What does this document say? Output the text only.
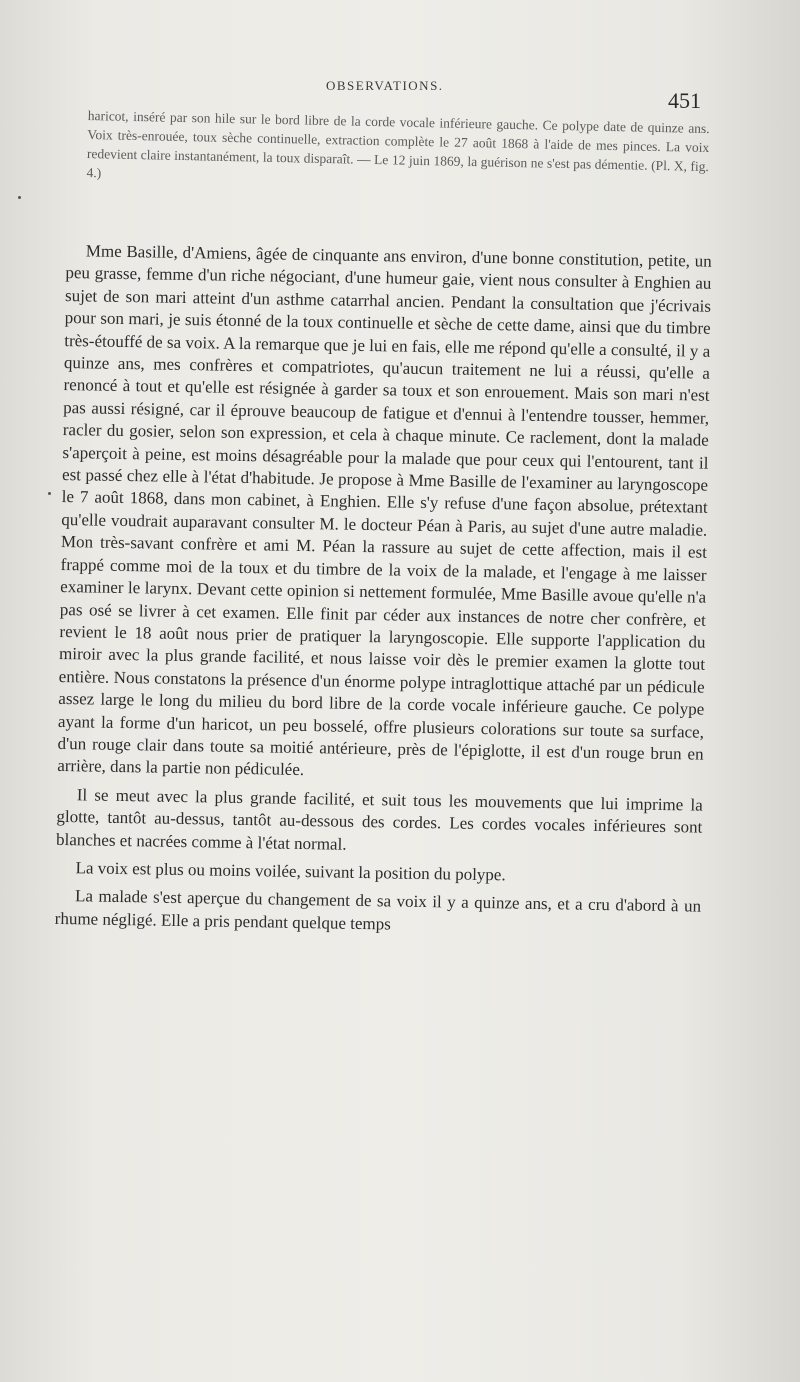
OBSERVATIONS.
451

haricot, inséré par son hile sur le bord libre de la corde vocale inférieure gauche. Ce polype date de quinze ans. Voix très-enrouée, toux sèche continuelle, extraction complète le 27 août 1868 à l'aide de mes pinces. La voix redevient claire instantanément, la toux disparaît. — Le 12 juin 1869, la guérison ne s'est pas démentie. (Pl. X, fig. 4.)

Mme Basille, d'Amiens, âgée de cinquante ans environ, d'une bonne constitution, petite, un peu grasse, femme d'un riche négociant, d'une humeur gaie, vient nous consulter à Enghien au sujet de son mari atteint d'un asthme catarrhal ancien. Pendant la consultation que j'écrivais pour son mari, je suis étonné de la toux continuelle et sèche de cette dame, ainsi que du timbre très-étouffé de sa voix. A la remarque que je lui en fais, elle me répond qu'elle a consulté, il y a quinze ans, mes confrères et compatriotes, qu'aucun traitement ne lui a réussi, qu'elle a renoncé à tout et qu'elle est résignée à garder sa toux et son enrouement. Mais son mari n'est pas aussi résigné, car il éprouve beaucoup de fatigue et d'ennui à l'entendre tousser, hemmer, racler du gosier, selon son expression, et cela à chaque minute. Ce raclement, dont la malade s'aperçoit à peine, est moins désagréable pour la malade que pour ceux qui l'entourent, tant il est passé chez elle à l'état d'habitude. Je propose à Mme Basille de l'examiner au laryngoscope le 7 août 1868, dans mon cabinet, à Enghien. Elle s'y refuse d'une façon absolue, prétextant qu'elle voudrait auparavant consulter M. le docteur Péan à Paris, au sujet d'une autre maladie. Mon très-savant confrère et ami M. Péan la rassure au sujet de cette affection, mais il est frappé comme moi de la toux et du timbre de la voix de la malade, et l'engage à me laisser examiner le larynx. Devant cette opinion si nettement formulée, Mme Basille avoue qu'elle n'a pas osé se livrer à cet examen. Elle finit par céder aux instances de notre cher confrère, et revient le 18 août nous prier de pratiquer la laryngoscopie. Elle supporte l'application du miroir avec la plus grande facilité, et nous laisse voir dès le premier examen la glotte tout entière. Nous constatons la présence d'un énorme polype intraglottique attaché par un pédicule assez large le long du milieu du bord libre de la corde vocale inférieure gauche. Ce polype ayant la forme d'un haricot, un peu bosselé, offre plusieurs colorations sur toute sa surface, d'un rouge clair dans toute sa moitié antérieure, près de l'épiglotte, il est d'un rouge brun en arrière, dans la partie non pédiculée.

Il se meut avec la plus grande facilité, et suit tous les mouvements que lui imprime la glotte, tantôt au-dessus, tantôt au-dessous des cordes. Les cordes vocales inférieures sont blanches et nacrées comme à l'état normal.

La voix est plus ou moins voilée, suivant la position du polype.

La malade s'est aperçue du changement de sa voix il y a quinze ans, et a cru d'abord à un rhume négligé. Elle a pris pendant quelque temps
